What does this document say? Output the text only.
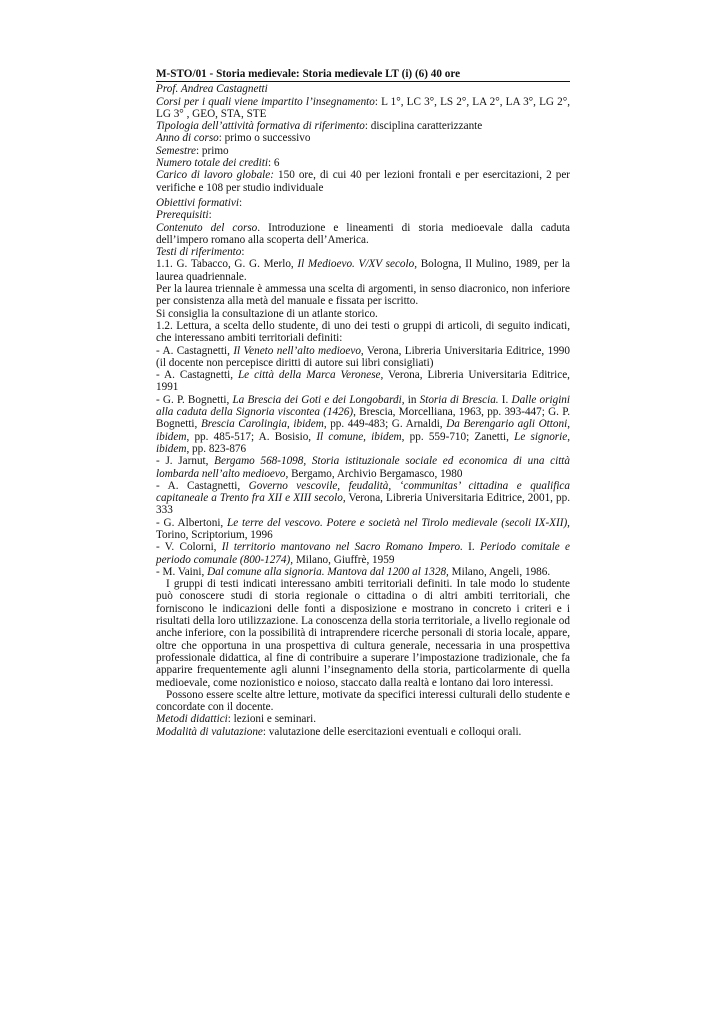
M-STO/01 - Storia medievale: Storia medievale LT (i) (6) 40 ore

Prof. Andrea Castagnetti

Corsi per i quali viene impartito l’insegnamento: L 1°, LC 3°, LS 2°, LA 2°, LA 3°, LG 2°, LG 3° , GEO, STA, STE

Tipologia dell’attività formativa di riferimento: disciplina caratterizzante

Anno di corso: primo o successivo

Semestre: primo

Numero totale dei crediti: 6

Carico di lavoro globale: 150 ore, di cui 40 per lezioni frontali e per esercitazioni, 2 per verifiche e 108 per studio individuale

Obiettivi formativi:

Prerequisiti:

Contenuto del corso. Introduzione e lineamenti di storia medioevale dalla caduta dell’impero romano alla scoperta dell’America.

Testi di riferimento:

1.1. G. Tabacco, G. G. Merlo, Il Medioevo. V/XV secolo, Bologna, Il Mulino, 1989, per la laurea quadriennale.

Per la laurea triennale è ammessa una scelta di argomenti, in senso diacronico, non inferiore per consistenza alla metà del manuale e fissata per iscritto.

Si consiglia la consultazione di un atlante storico.

1.2. Lettura, a scelta dello studente, di uno dei testi o gruppi di articoli, di seguito indicati, che interessano ambiti territoriali definiti:

- A. Castagnetti, Il Veneto nell’alto medioevo, Verona, Libreria Universitaria Editrice, 1990 (il docente non percepisce diritti di autore sui libri consigliati)

- A. Castagnetti, Le città della Marca Veronese, Verona, Libreria Universitaria Editrice, 1991

- G. P. Bognetti, La Brescia dei Goti e dei Longobardi, in Storia di Brescia. I. Dalle origini alla caduta della Signoria viscontea (1426), Brescia, Morcelliana, 1963, pp. 393-447; G. P. Bognetti, Brescia Carolingia, ibidem, pp. 449-483; G. Arnaldi, Da Berengario agli Ottoni, ibidem, pp. 485-517; A. Bosisio, Il comune, ibidem, pp. 559-710; Zanetti, Le signorie, ibidem, pp. 823-876

- J. Jarnut, Bergamo 568-1098, Storia istituzionale sociale ed economica di una città lombarda nell’alto medioevo, Bergamo, Archivio Bergamasco, 1980

- A. Castagnetti, Governo vescovile, feudalità, ‘communitas’ cittadina e qualifica capitaneale a Trento fra XII e XIII secolo, Verona, Libreria Universitaria Editrice, 2001, pp. 333

- G. Albertoni, Le terre del vescovo. Potere e società nel Tirolo medievale (secoli IX-XII), Torino, Scriptorium, 1996

- V. Colorni, Il territorio mantovano nel Sacro Romano Impero. I. Periodo comitale e periodo comunale (800-1274), Milano, Giuffrè, 1959

- M. Vaini, Dal comune alla signoria. Mantova dal 1200 al 1328, Milano, Angeli, 1986.

I gruppi di testi indicati interessano ambiti territoriali definiti. In tale modo lo studente può conoscere studi di storia regionale o cittadina o di altri ambiti territoriali, che forniscono le indicazioni delle fonti a disposizione e mostrano in concreto i criteri e i risultati della loro utilizzazione. La conoscenza della storia territoriale, a livello regionale od anche inferiore, con la possibilità di intraprendere ricerche personali di storia locale, appare, oltre che opportuna in una prospettiva di cultura generale, necessaria in una prospettiva professionale didattica, al fine di contribuire a superare l’impostazione tradizionale, che fa apparire frequentemente agli alunni l’insegnamento della storia, particolarmente di quella medioevale, come nozionistico e noioso, staccato dalla realtà e lontano dai loro interessi.

Possono essere scelte altre letture, motivate da specifici interessi culturali dello studente e concordate con il docente.

Metodi didattici: lezioni e seminari.

Modalità di valutazione: valutazione delle esercitazioni eventuali e colloqui orali.
